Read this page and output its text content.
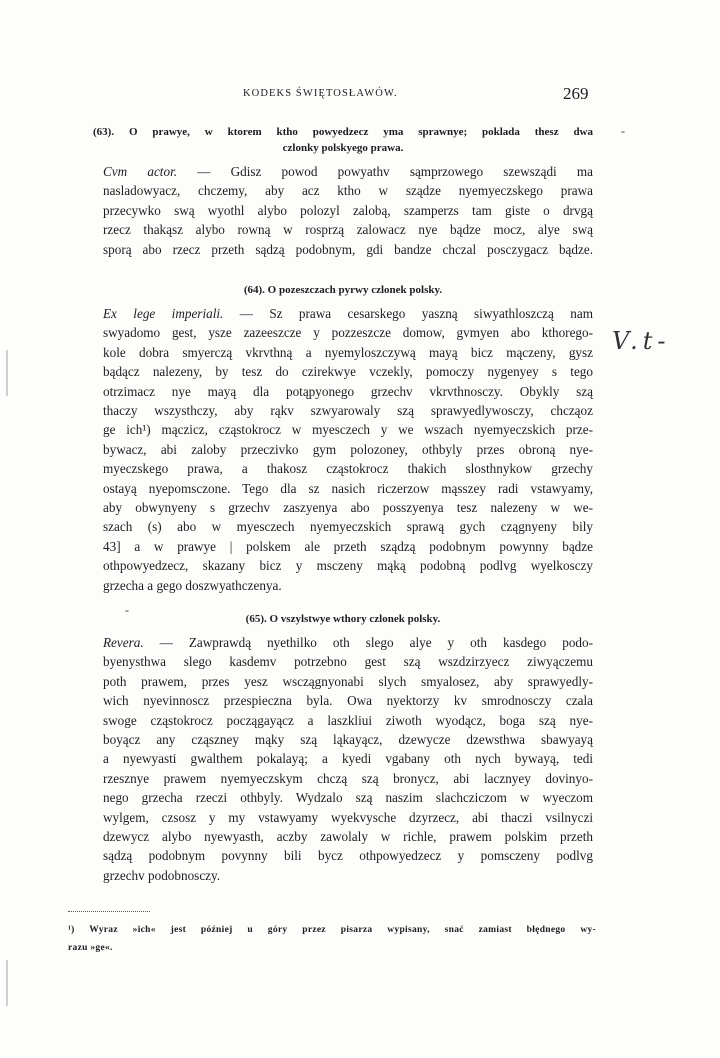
KODEKS ŚWIĘTOSŁAWÓW.	269
-
-
V.t-

(63). O prawye, w ktorem ktho powyedzecz yma sprawnye; poklada thesz dwa
czlonky polskyego prawa.

Cvm actor. — Gdisz powod powyathv sąmprzowego szewsządi ma
nasladowyacz, chczemy, aby acz ktho w sządze nyemyeczskego prawa
przecywko swą wyothl alybo polozyl zalobą, szamperzs tam giste o drvgą
rzecz thakąsz alybo rowną w rosprzą zalowacz nye bądze mocz, alye swą
sporą abo rzecz przeth sądzą podobnym, gdi bandze chczal posczygacz bądze.

(64). O pozeszczach pyrwy czlonek polsky.

Ex lege imperiali. — Sz prawa cesarskego yaszną siwyathloszczą nam
swyadomo gest, ysze zazeeszcze y pozzeszcze domow, gvmyen abo kthorego-
kole dobra smyerczą vkrvthną a nyemyloszczywą mayą bicz mączeny, gysz
bądącz nalezeny, by tesz do czirekwye vczekly, pomoczy nygenyey s tego
otrzimacz nye mayą dla potąpyonego grzechv vkrvthnosczy. Obykly szą
thaczy wszysthczy, aby rąkv szwyarowaly szą sprawyedlywosczy, chcząoz
ge ich¹) mączicz, cząstokrocz w myesczech y we wszach nyemyeczskich prze-
bywacz, abi zaloby przeczivko gym polozoney, othbyly przes obroną nye-
myeczskego prawa, a thakosz cząstokrocz thakich slosthnykow grzechy
ostayą nyepomsczone. Tego dla sz nasich riczerzow mąsszey radi vstawyamy,
aby obwynyeny s grzechv zaszyenya abo posszyenya tesz nalezeny w we-
szach (s) abo w myesczech nyemyeczskich sprawą gych czągnyeny bily
43] a w prawye | polskem ale przeth sządzą podobnym powynny bądze
othpowyedzecz, skazany bicz y msczeny mąką podobną podlvg wyelkosczy
grzecha a gego doszwyathczenya.

(65). O vszylstwye wthory czlonek polsky.

Revera. — Zawprawdą nyethilko oth slego alye y oth kasdego podo-
byenysthwa slego kasdemv potrzebno gest szą wszdzirzyecz ziwyączemu
poth prawem, przes yesz wsczągnyonabi slych smyalosez, aby sprawyedly-
wich nyevinnoscz przespieczna byla. Owa nyektorzy kv smrodnosczy czala
swoge cząstokrocz począgayącz a laszkliui ziwoth wyodącz, boga szą nye-
boyącz any cząszney mąky szą ląkayącz, dzewycze dzewsthwa sbawyayą
a nyewyasti gwalthem pokalayą; a kyedi vgabany oth nych bywayą, tedi
rzesznye prawem nyemyeczskym chczą szą bronycz, abi lacznyey dovinyo-
nego grzecha rzeczi othbyly. Wydzalo szą naszim slachcziczom w wyeczom
wylgem, czsosz y my vstawyamy wyekvysche dzyrzecz, abi thaczi vsilnyczi
dzewycz alybo nyewyasth, aczby zawolaly w richle, prawem polskim przeth
sądzą podobnym povynny bili bycz othpowyedzecz y pomsczeny podlvg
grzechv podobnosczy.

¹) Wyraz »ich« jest później u góry przez pisarza wypisany, snać zamiast błędnego wy-
razu »ge«.
